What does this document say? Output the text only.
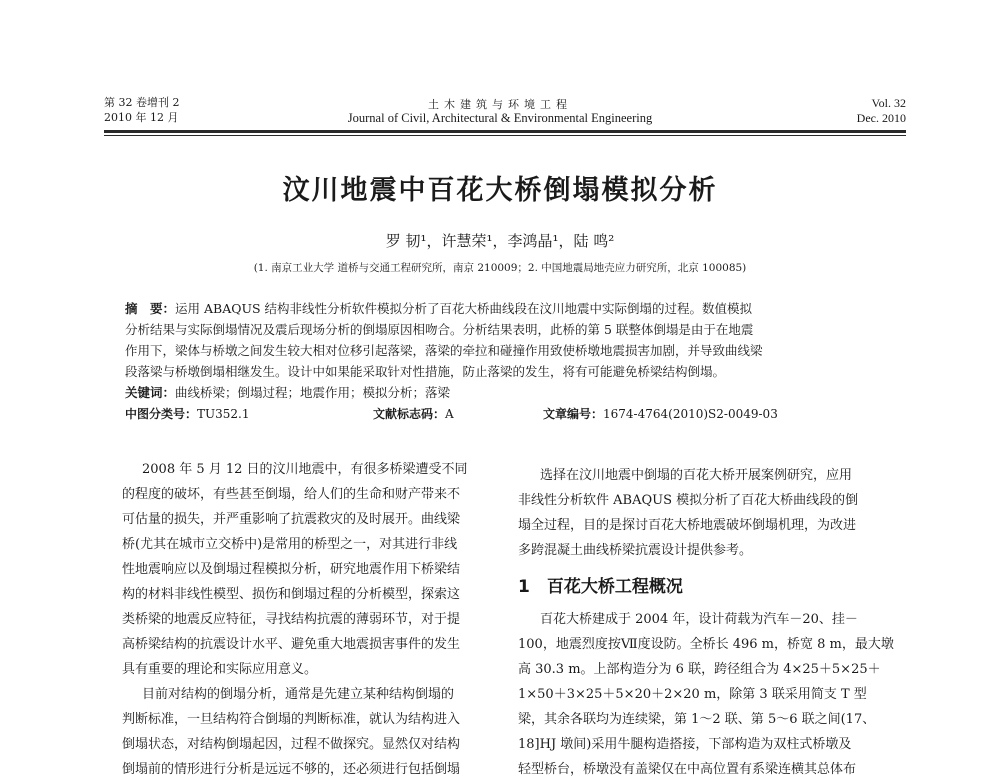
第 32 卷增刊 2
2010 年 12 月
土木建筑与环境工程
Journal of Civil, Architectural & Environmental Engineering
Vol. 32
Dec. 2010
汶川地震中百花大桥倒塌模拟分析
罗 韧¹，许慧荣¹，李鸿晶¹，陆 鸣²
(1. 南京工业大学 道桥与交通工程研究所，南京 210009；2. 中国地震局地壳应力研究所，北京 100085)
摘　要：运用 ABAQUS 结构非线性分析软件模拟分析了百花大桥曲线段在汶川地震中实际倒塌的过程。数值模拟
分析结果与实际倒塌情况及震后现场分析的倒塌原因相吻合。分析结果表明，此桥的第 5 联整体倒塌是由于在地震
作用下，梁体与桥墩之间发生较大相对位移引起落梁，落梁的牵拉和碰撞作用致使桥墩地震损害加剧，并导致曲线梁
段落梁与桥墩倒塌相继发生。设计中如果能采取针对性措施，防止落梁的发生，将有可能避免桥梁结构倒塌。
关键词：曲线桥梁；倒塌过程；地震作用；模拟分析；落梁
中图分类号：TU352.1	文献标志码：A	文章编号：1674-4764(2010)S2-0049-03
2008 年 5 月 12 日的汶川地震中，有很多桥梁遭受不同
的程度的破坏，有些甚至倒塌，给人们的生命和财产带来不
可估量的损失，并严重影响了抗震救灾的及时展开。曲线梁
桥(尤其在城市立交桥中)是常用的桥型之一，对其进行非线
性地震响应以及倒塌过程模拟分析，研究地震作用下桥梁结
构的材料非线性模型、损伤和倒塌过程的分析模型，探索这
类桥梁的地震反应特征，寻找结构抗震的薄弱环节，对于提
高桥梁结构的抗震设计水平、避免重大地震损害事件的发生
具有重要的理论和实际应用意义。
目前对结构的倒塌分析，通常是先建立某种结构倒塌的
判断标准，一旦结构符合倒塌的判断标准，就认为结构进入
倒塌状态，对结构倒塌起因，过程不做探究。显然仅对结构
倒塌前的情形进行分析是远远不够的，还必须进行包括倒塌
选择在汶川地震中倒塌的百花大桥开展案例研究，应用
非线性分析软件 ABAQUS 模拟分析了百花大桥曲线段的倒
塌全过程，目的是探讨百花大桥地震破坏倒塌机理，为改进
多跨混凝土曲线桥梁抗震设计提供参考。
1　百花大桥工程概况
百花大桥建成于 2004 年，设计荷载为汽车－20、挂－
100，地震烈度按Ⅶ度设防。全桥长 496 m，桥宽 8 m，最大墩
高 30.3 m。上部构造分为 6 联，跨径组合为 4×25＋5×25＋
1×50＋3×25＋5×20＋2×20 m，除第 3 联采用简支 T 型
梁，其余各联均为连续梁，第 1～2 联、第 5～6 联之间(17、
18]HJ 墩间)采用牛腿构造搭接，下部构造为双柱式桥墩及
轻型桥台，桥墩没有盖梁仅在中高位置有系梁连横其总体布
